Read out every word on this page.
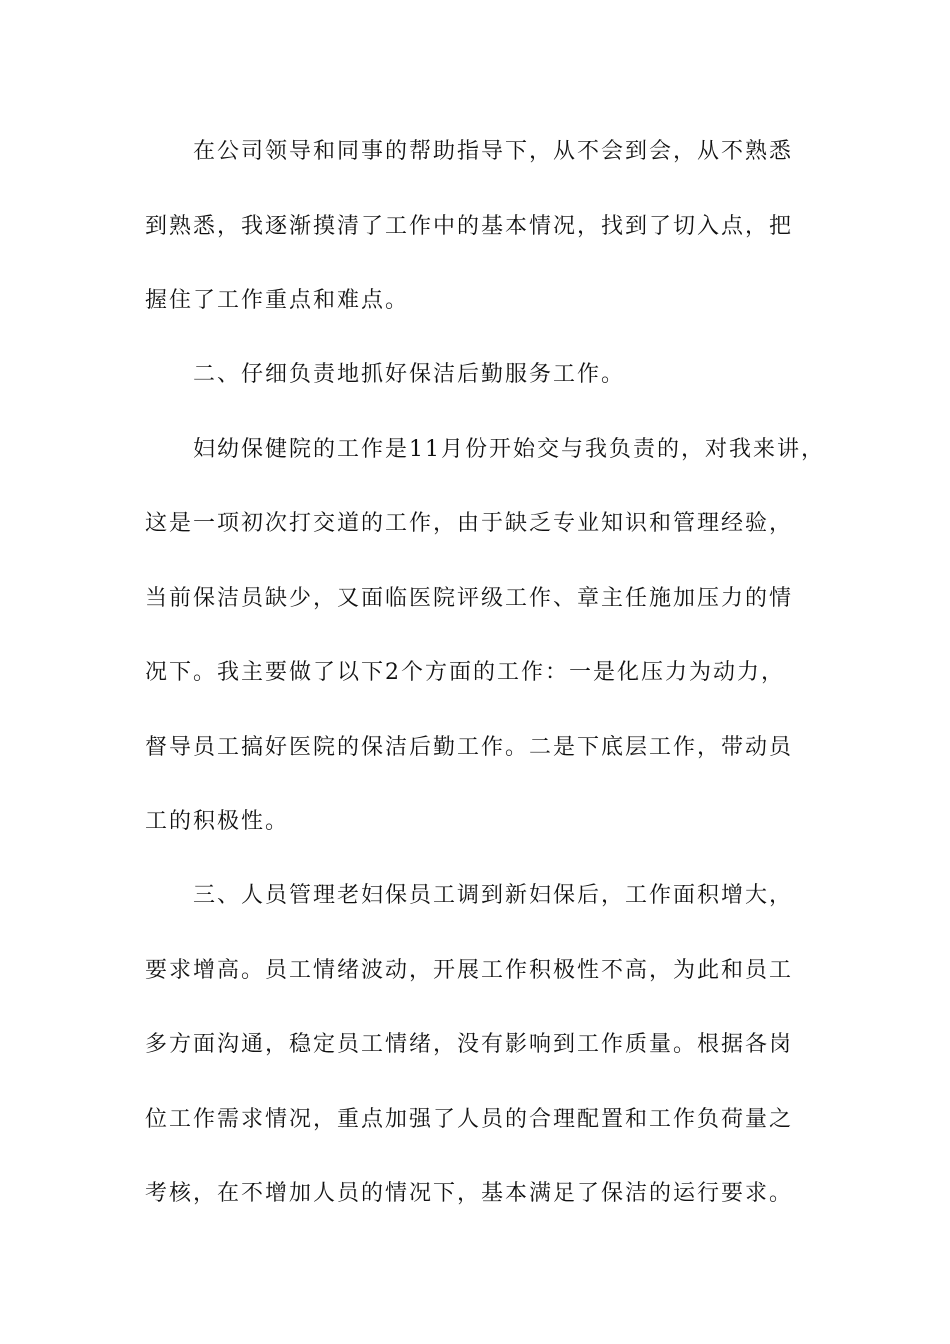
在公司领导和同事的帮助指导下，从不会到会，从不熟悉
到熟悉，我逐渐摸清了工作中的基本情况，找到了切入点，把
握住了工作重点和难点。
二、仔细负责地抓好保洁后勤服务工作。
妇幼保健院的工作是11月份开始交与我负责的，对我来讲，
这是一项初次打交道的工作，由于缺乏专业知识和管理经验，
当前保洁员缺少，又面临医院评级工作、章主任施加压力的情
况下。我主要做了以下2个方面的工作：一是化压力为动力，
督导员工搞好医院的保洁后勤工作。二是下底层工作，带动员
工的积极性。
三、人员管理老妇保员工调到新妇保后，工作面积增大，
要求增高。员工情绪波动，开展工作积极性不高，为此和员工
多方面沟通，稳定员工情绪，没有影响到工作质量。根据各岗
位工作需求情况，重点加强了人员的合理配置和工作负荷量之
考核，在不增加人员的情况下，基本满足了保洁的运行要求。
